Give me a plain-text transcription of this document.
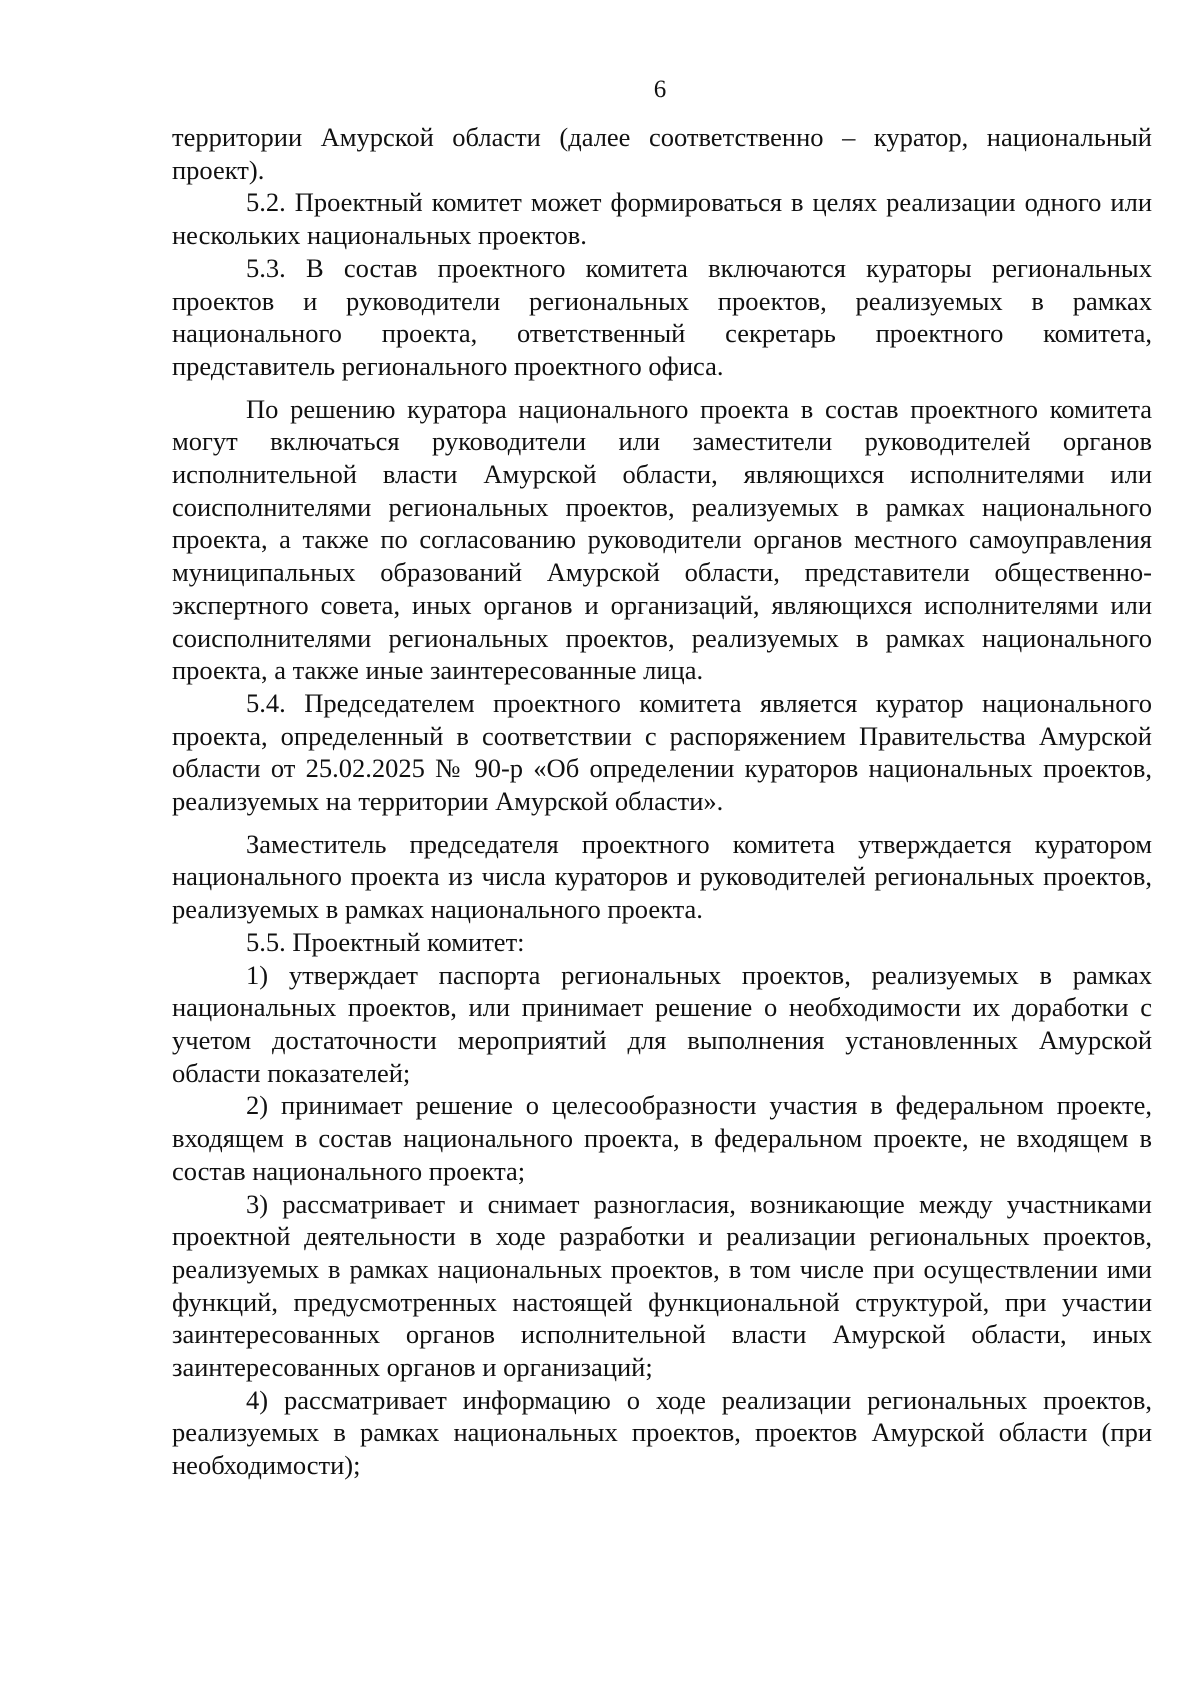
6

территории Амурской области (далее соответственно – куратор, национальный проект).

5.2. Проектный комитет может формироваться в целях реализации одного или нескольких национальных проектов.

5.3. В состав проектного комитета включаются кураторы региональных проектов и руководители региональных проектов, реализуемых в рамках национального проекта, ответственный секретарь проектного комитета, представитель регионального проектного офиса.

По решению куратора национального проекта в состав проектного комитета могут включаться руководители или заместители руководителей органов исполнительной власти Амурской области, являющихся исполнителями или соисполнителями региональных проектов, реализуемых в рамках национального проекта, а также по согласованию руководители органов местного самоуправления муниципальных образований Амурской области, представители общественно-экспертного совета, иных органов и организаций, являющихся исполнителями или соисполнителями региональных проектов, реализуемых в рамках национального проекта, а также иные заинтересованные лица.

5.4. Председателем проектного комитета является куратор национального проекта, определенный в соответствии с распоряжением Правительства Амурской области от 25.02.2025 № 90-р «Об определении кураторов национальных проектов, реализуемых на территории Амурской области».

Заместитель председателя проектного комитета утверждается куратором национального проекта из числа кураторов и руководителей региональных проектов, реализуемых в рамках национального проекта.

5.5. Проектный комитет:

1) утверждает паспорта региональных проектов, реализуемых в рамках национальных проектов, или принимает решение о необходимости их доработки с учетом достаточности мероприятий для выполнения установленных Амурской области показателей;

2) принимает решение о целесообразности участия в федеральном проекте, входящем в состав национального проекта, в федеральном проекте, не входящем в состав национального проекта;

3) рассматривает и снимает разногласия, возникающие между участниками проектной деятельности в ходе разработки и реализации региональных проектов, реализуемых в рамках национальных проектов, в том числе при осуществлении ими функций, предусмотренных настоящей функциональной структурой, при участии заинтересованных органов исполнительной власти Амурской области, иных заинтересованных органов и организаций;

4) рассматривает информацию о ходе реализации региональных проектов, реализуемых в рамках национальных проектов, проектов Амурской области (при необходимости);
